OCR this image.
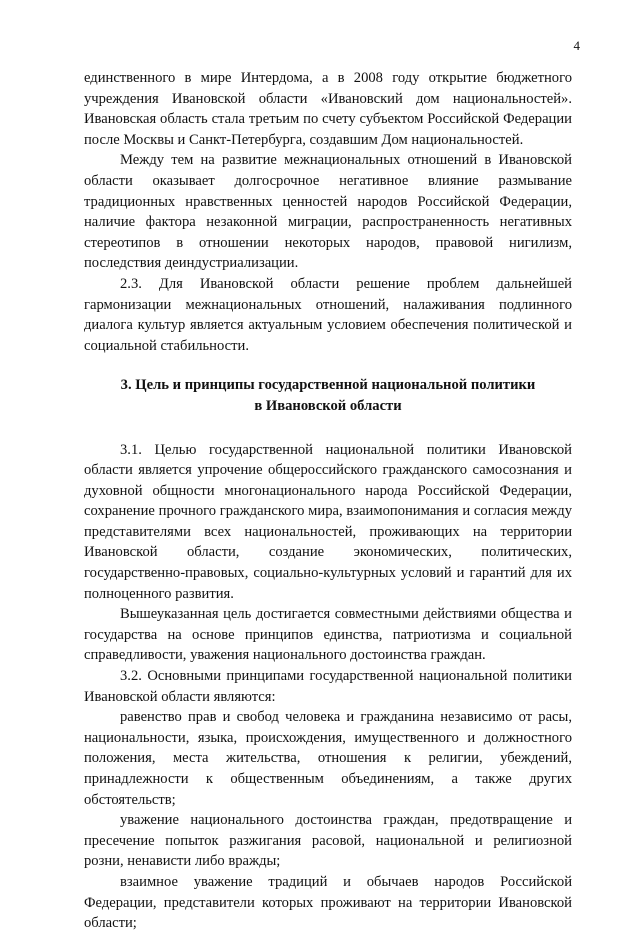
4

единственного в мире Интердома, а в 2008 году открытие бюджетного учреждения Ивановской области «Ивановский дом национальностей». Ивановская область стала третьим по счету субъектом Российской Федерации после Москвы и Санкт-Петербурга, создавшим Дом национальностей.

Между тем на развитие межнациональных отношений в Ивановской области оказывает долгосрочное негативное влияние размывание традиционных нравственных ценностей народов Российской Федерации, наличие фактора незаконной миграции, распространенность негативных стереотипов в отношении некоторых народов, правовой нигилизм, последствия деиндустриализации.

2.3. Для Ивановской области решение проблем дальнейшей гармонизации межнациональных отношений, налаживания подлинного диалога культур является актуальным условием обеспечения политической и социальной стабильности.

3. Цель и принципы государственной национальной политики
в Ивановской области

3.1. Целью государственной национальной политики Ивановской области является упрочение общероссийского гражданского самосознания и духовной общности многонационального народа Российской Федерации, сохранение прочного гражданского мира, взаимопонимания и согласия между представителями всех национальностей, проживающих на территории Ивановской области, создание экономических, политических, государственно-правовых, социально-культурных условий и гарантий для их полноценного развития.

Вышеуказанная цель достигается совместными действиями общества и государства на основе принципов единства, патриотизма и социальной справедливости, уважения национального достоинства граждан.

3.2. Основными принципами государственной национальной политики Ивановской области являются:

равенство прав и свобод человека и гражданина независимо от расы, национальности, языка, происхождения, имущественного и должностного положения, места жительства, отношения к религии, убеждений, принадлежности к общественным объединениям, а также других обстоятельств;

уважение национального достоинства граждан, предотвращение и пресечение попыток разжигания расовой, национальной и религиозной розни, ненависти либо вражды;

взаимное уважение традиций и обычаев народов Российской Федерации, представители которых проживают на территории Ивановской области;
